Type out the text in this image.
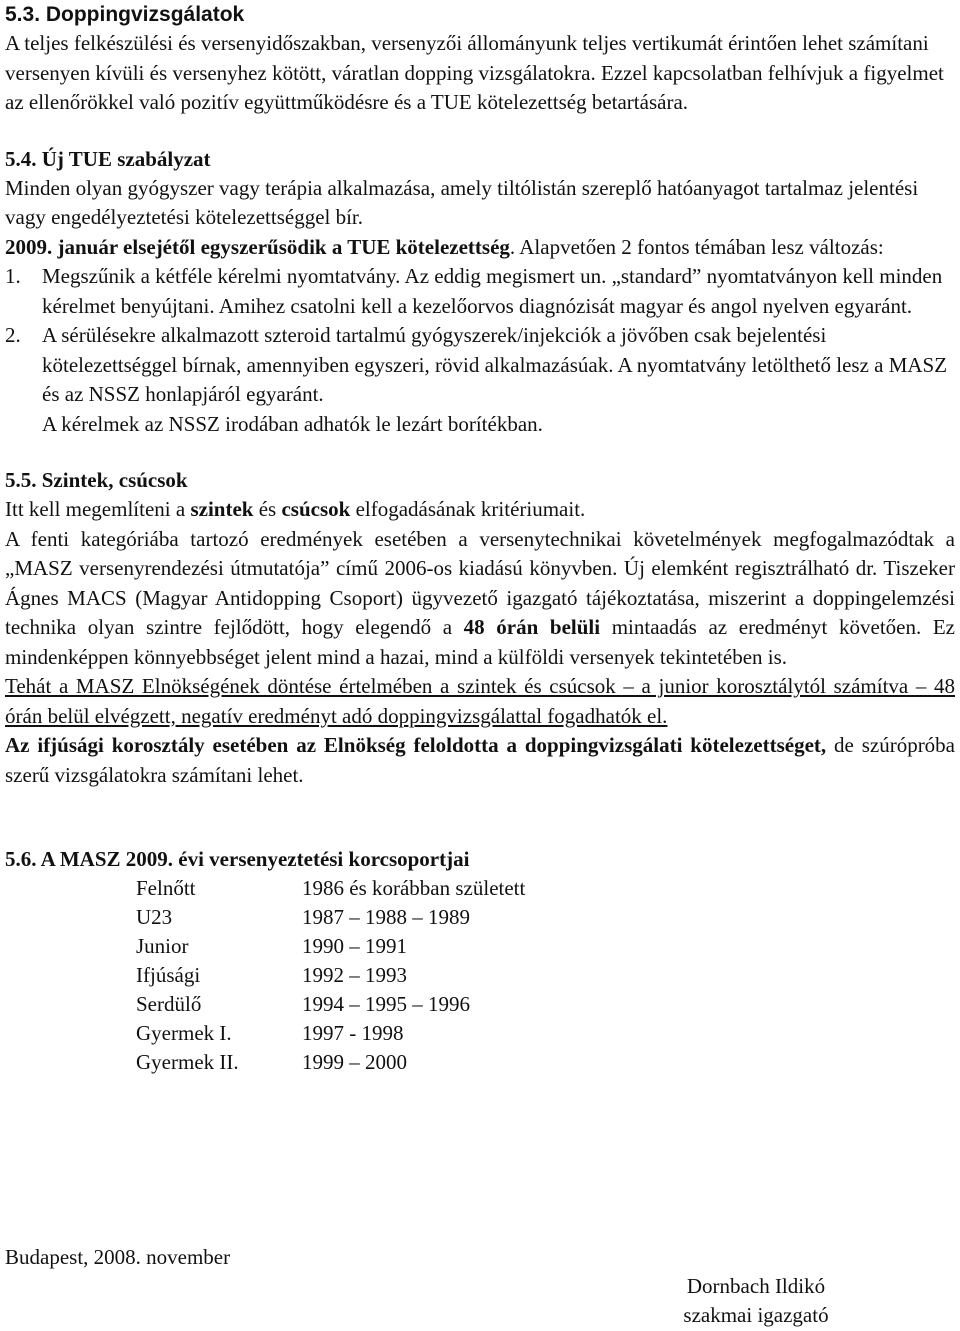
5.3. Doppingvizsgálatok

A teljes felkészülési és versenyidőszakban, versenyzői állományunk teljes vertikumát érintően lehet számítani versenyen kívüli és versenyhez kötött, váratlan dopping vizsgálatokra. Ezzel kapcsolatban felhívjuk a figyelmet az ellenőrökkel való pozitív együttműködésre és a TUE kötelezettség betartására.

5.4. Új TUE szabályzat

Minden olyan gyógyszer vagy terápia alkalmazása, amely tiltólistán szereplő hatóanyagot tartalmaz jelentési vagy engedélyeztetési kötelezettséggel bír.

2009. január elsejétől egyszerűsödik a TUE kötelezettség. Alapvetően 2 fontos témában lesz változás:

1.	Megszűnik a kétféle kérelmi nyomtatvány. Az eddig megismert un. „standard” nyomtatványon kell minden kérelmet benyújtani. Amihez csatolni kell a kezelőorvos diagnózisát magyar és angol nyelven egyaránt.
2.	A sérülésekre alkalmazott szteroid tartalmú gyógyszerek/injekciók a jövőben csak bejelentési kötelezettséggel bírnak, amennyiben egyszeri, rövid alkalmazásúak. A nyomtatvány letölthető lesz a MASZ és az NSSZ honlapjáról egyaránt.
A kérelmek az NSSZ irodában adhatók le lezárt borítékban.
5.5. Szintek, csúcsok

Itt kell megemlíteni a szintek és csúcsok elfogadásának kritériumait.

A fenti kategóriába tartozó eredmények esetében a versenytechnikai követelmények megfogalmazódtak a „MASZ versenyrendezési útmutatója” című 2006-os kiadású könyvben. Új elemként regisztrálható dr. Tiszeker Ágnes MACS (Magyar Antidopping Csoport) ügyvezető igazgató tájékoztatása, miszerint a doppingelemzési technika olyan szintre fejlődött, hogy elegendő a 48 órán belüli mintaadás az eredményt követően. Ez mindenképpen könnyebbséget jelent mind a hazai, mind a külföldi versenyek tekintetében is.

Tehát a MASZ Elnökségének döntése értelmében a szintek és csúcsok – a junior korosztálytól számítva – 48 órán belül elvégzett, negatív eredményt adó doppingvizsgálattal fogadhatók el.

Az ifjúsági korosztály esetében az Elnökség feloldotta a doppingvizsgálati kötelezettséget, de szúrópróba szerű vizsgálatokra számítani lehet.

5.6. A MASZ 2009. évi versenyeztetési korcsoportjai
Felnőtt	1986 és korábban született
U23	1987 – 1988 – 1989
Junior	1990 – 1991
Ifjúsági	1992 – 1993
Serdülő	1994 – 1995 – 1996
Gyermek I.	1997 - 1998
Gyermek II.	1999 – 2000
Budapest, 2008. november
Dornbach Ildikó
szakmai igazgató
